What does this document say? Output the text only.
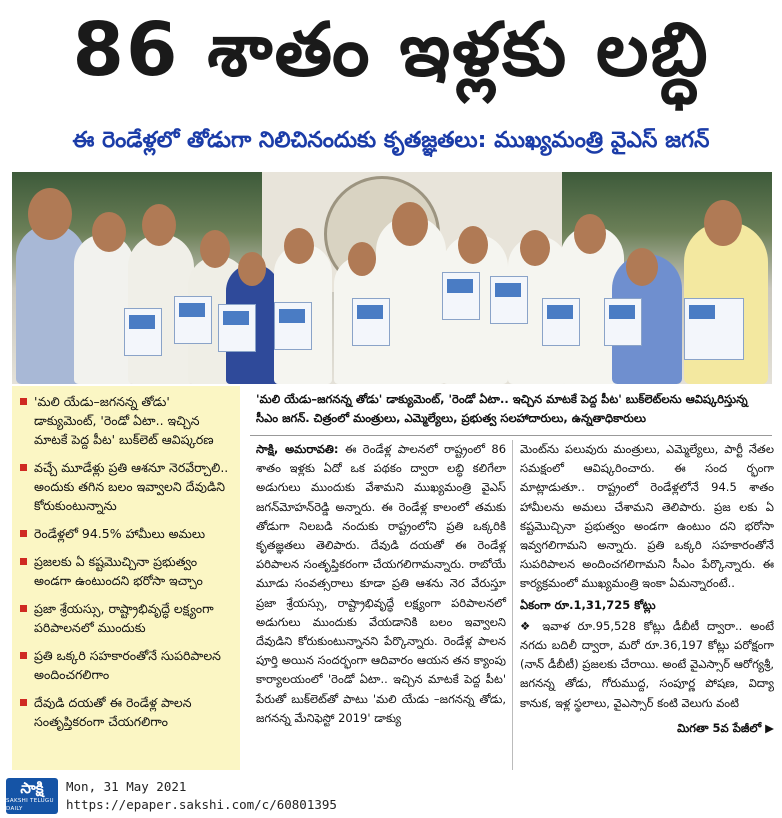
86 శాతం ఇళ్లకు లబ్ధి
ఈ రెండేళ్లలో తోడుగా నిలిచినందుకు కృతజ్ఞతలు: ముఖ్యమంత్రి వైఎస్‌ జగన్‌
'మలి యేడు–జగనన్న తోడు' డాక్యుమెంట్, 'రెండో ఏటా.. ఇచ్చిన మాటకే పెద్ద పీట' బుక్‌లెట్‌ ఆవిష్కరణ
వచ్చే మూడేళ్లు ప్రతి ఆశనూ నెరవేర్చాలి.. అందుకు తగిన బలం ఇవ్వాలని దేవుడిని కోరుకుంటున్నాను
రెండేళ్లలో 94.5% హామీలు అమలు
ప్రజలకు ఏ కష్టమొచ్చినా ప్రభుత్వం అండగా ఉంటుందని భరోసా ఇచ్చాం
ప్రజా శ్రేయస్సు, రాష్ట్రాభివృద్ధే లక్ష్యంగా పరిపాలనలో ముందుకు
ప్రతి ఒక్కరి సహకారంతోనే సుపరిపాలన అందించగలిగాం
దేవుడి దయతో ఈ రెండేళ్ల పాలన సంతృప్తికరంగా చేయగలిగాం
'మలి యేడు–జగనన్న తోడు' డాక్యుమెంట్, 'రెండో ఏటా.. ఇచ్చిన మాటకే పెద్ద పీట' బుక్‌లెట్‌లను ఆవిష్కరిస్తున్న సీఎం జగన్‌. చిత్రంలో మంత్రులు, ఎమ్మెల్యేలు, ప్రభుత్వ సలహాదారులు, ఉన్నతాధికారులు

సాక్షి, అమరావతి: ఈ రెండేళ్ల పాలనలో రాష్ట్రంలో 86 శాతం ఇళ్లకు ఏదో ఒక పథకం ద్వారా లబ్ధి కలిగేలా అడుగులు ముందుకు వేశామని ముఖ్యమంత్రి వైఎస్‌ జగన్‌మోహన్‌రెడ్డి అన్నారు. ఈ రెండేళ్ల కాలంలో తమకు తోడుగా నిలబడి నందుకు రాష్ట్రంలోని ప్రతి ఒక్కరికి కృతజ్ఞతలు తెలిపారు. దేవుడి దయతో ఈ రెండేళ్ల పరిపాలన సంతృప్తికరంగా చేయగలిగామన్నారు. రాబోయే మూడు సంవత్సరాలు కూడా ప్రతి ఆశను నెర వేరుస్తూ ప్రజా శ్రేయస్సు, రాష్ట్రాభివృద్ధే లక్ష్యంగా పరిపాలనలో అడుగులు ముందుకు వేయడానికి బలం ఇవ్వాలని దేవుడిని కోరుకుంటున్నానని పేర్కొన్నారు. రెండేళ్ల పాలన పూర్తి అయిన సందర్భంగా ఆదివారం ఆయన తన క్యాంపు కార్యాలయంలో 'రెండో ఏటా.. ఇచ్చిన మాటకే పెద్ద పీట' పేరుతో బుక్‌లెట్‌తో పాటు 'మలి యేడు –జగనన్న తోడు, జగనన్న మేనిఫెస్టో 2019' డాక్యు

మెంట్‌ను పలువురు మంత్రులు, ఎమ్మెల్యేలు, పార్టీ నేతల సమక్షంలో ఆవిష్కరించారు. ఈ సంద ర్భంగా మాట్లాడుతూ.. రాష్ట్రంలో రెండేళ్లలోనే 94.5 శాతం హామీలను అమలు చేశామని తెలిపారు. ప్రజ లకు ఏ కష్టమొచ్చినా ప్రభుత్వం అండగా ఉంటుం దని భరోసా ఇవ్వగలిగామని అన్నారు. ప్రతి ఒక్కరి సహకారంతోనే సుపరిపాలన అందించగలిగామని సీఎం పేర్కొన్నారు. ఈ కార్యక్రమంలో ముఖ్యమంత్రి ఇంకా ఏమన్నారంటే..

ఏకంగా రూ.1,31,725 కోట్లు

❖ ఇవాళ రూ.95,528 కోట్లు డీబీటీ ద్వారా.. అంటే నగదు బదిలీ ద్వారా, మరో రూ.36,197 కోట్లు పరోక్షంగా (నాన్‌ డీబీటీ) ప్రజలకు చేరాయి. అంటే వైఎస్సార్‌ ఆరోగ్యశ్రీ, జగనన్న తోడు, గోరుముద్ద, సంపూర్ణ పోషణ, విద్యా కానుక, ఇళ్ల స్థలాలు, వైఎస్సార్‌ కంటి వెలుగు వంటి

మిగతా 5వ పేజీలో ▶
సాక్షి
SAKSHI TELUGU DAILY
Mon, 31 May 2021
https://epaper.sakshi.com/c/60801395
